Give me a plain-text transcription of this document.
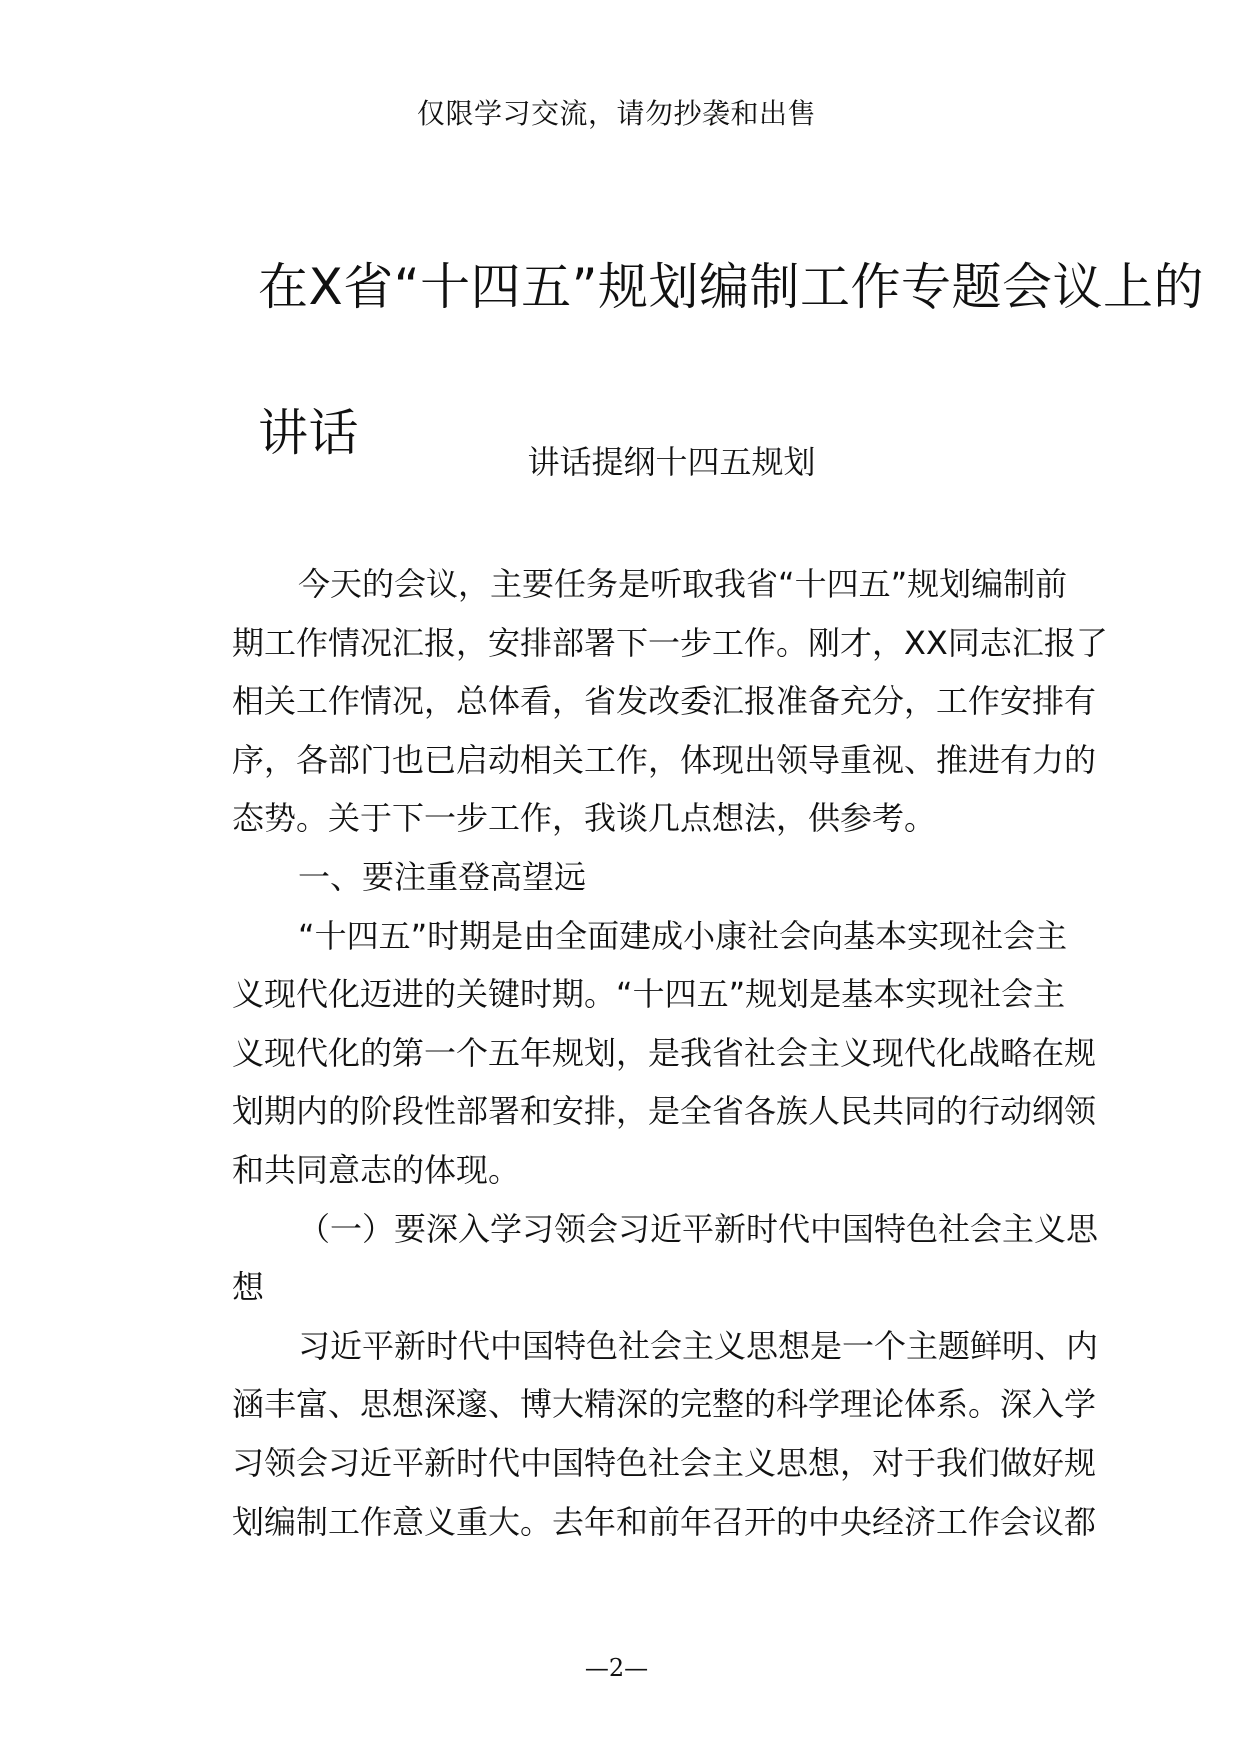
仅限学习交流，请勿抄袭和出售
在X省“十四五”规划编制工作专题会议上的
讲话	讲话提纲十四五规划
今天的会议，主要任务是听取我省“十四五”规划编制前
期工作情况汇报，安排部署下一步工作。刚才，XX同志汇报了
相关工作情况，总体看，省发改委汇报准备充分，工作安排有
序，各部门也已启动相关工作，体现出领导重视、推进有力的
态势。关于下一步工作，我谈几点想法，供参考。
一、要注重登高望远
“十四五”时期是由全面建成小康社会向基本实现社会主
义现代化迈进的关键时期。“十四五”规划是基本实现社会主
义现代化的第一个五年规划，是我省社会主义现代化战略在规
划期内的阶段性部署和安排，是全省各族人民共同的行动纲领
和共同意志的体现。
（一）要深入学习领会习近平新时代中国特色社会主义思
想
习近平新时代中国特色社会主义思想是一个主题鲜明、内
涵丰富、思想深邃、博大精深的完整的科学理论体系。深入学
习领会习近平新时代中国特色社会主义思想，对于我们做好规
划编制工作意义重大。去年和前年召开的中央经济工作会议都
—2—
